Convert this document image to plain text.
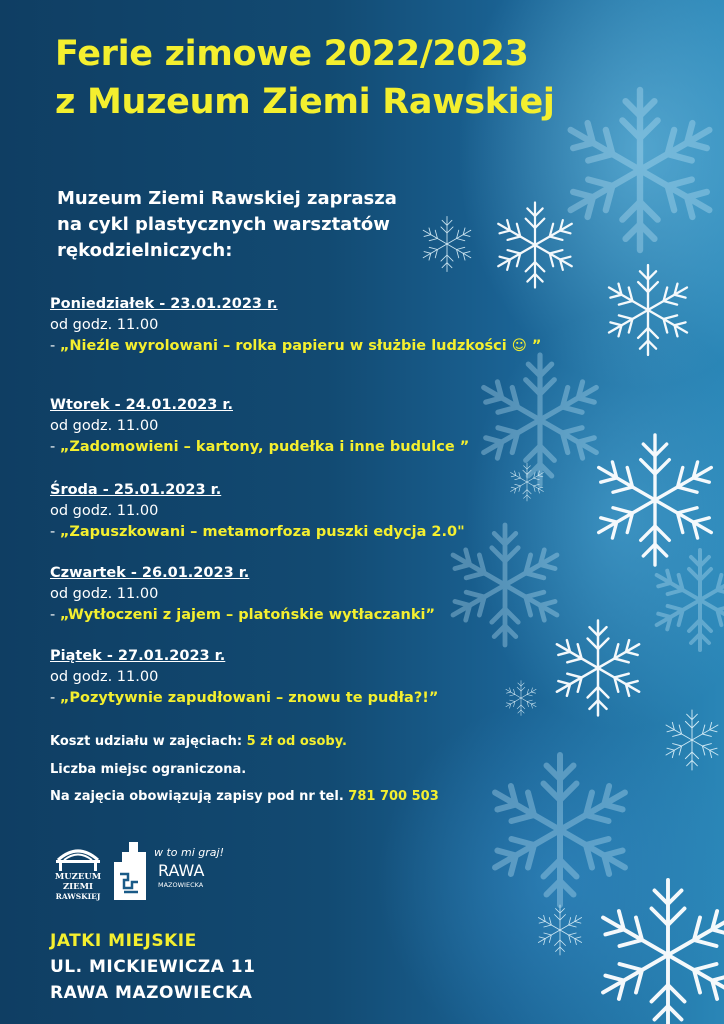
Ferie zimowe 2022/2023
z Muzeum Ziemi Rawskiej
Muzeum Ziemi Rawskiej zaprasza
na cykl plastycznych warsztatów
rękodzielniczych:
Poniedziałek - 23.01.2023 r.
od godz. 11.00
- „Nieźle wyrolowani – rolka papieru w służbie ludzkości ☺ ”
Wtorek - 24.01.2023 r.
od godz. 11.00
- „Zadomowieni – kartony, pudełka i inne budulce ”
Środa - 25.01.2023 r.
od godz. 11.00
- „Zapuszkowani – metamorfoza puszki edycja 2.0"
Czwartek - 26.01.2023 r.
od godz. 11.00
- „Wytłoczeni z jajem – platońskie wytłaczanki”
Piątek - 27.01.2023 r.
od godz. 11.00
- „Pozytywnie zapudłowani – znowu te pudła?!”
Koszt udziału w zajęciach: 5 zł od osoby.
Liczba miejsc ograniczona.
Na zajęcia obowiązują zapisy pod nr tel. 781 700 503
MUZEUM
ZIEMI
RAWSKIEJ
w to mi graj!
RAWA
MAZOWIECKA
JATKI MIEJSKIE
UL. MICKIEWICZA 11
RAWA MAZOWIECKA
